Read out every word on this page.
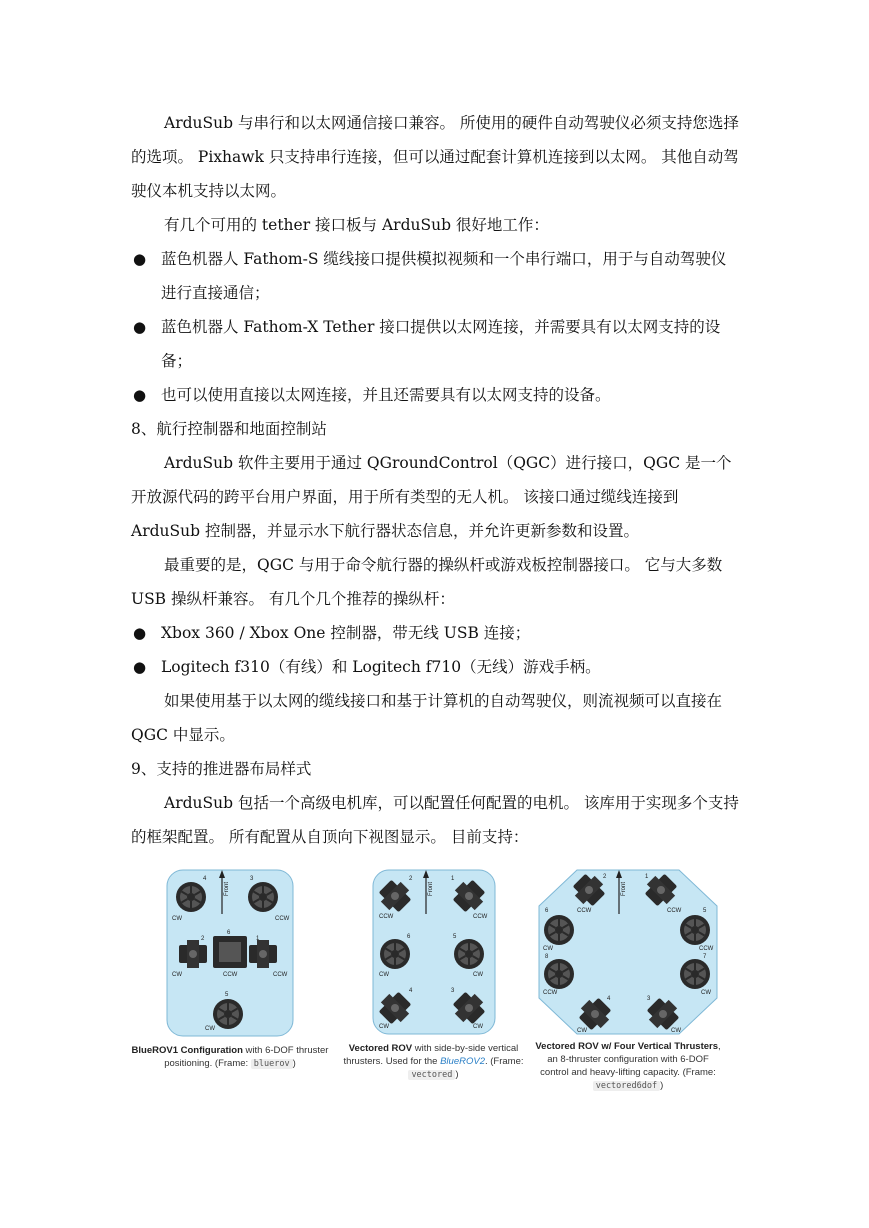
ArduSub 与串行和以太网通信接口兼容。 所使用的硬件自动驾驶仪必须支持您选择的选项。 Pixhawk 只支持串行连接，但可以通过配套计算机连接到以太网。 其他自动驾驶仪本机支持以太网。

有几个可用的 tether 接口板与 ArduSub 很好地工作：

● 蓝色机器人 Fathom-S 缆线接口提供模拟视频和一个串行端口，用于与自动驾驶仪进行直接通信；
● 蓝色机器人 Fathom-X Tether 接口提供以太网连接，并需要具有以太网支持的设备；
● 也可以使用直接以太网连接，并且还需要具有以太网支持的设备。

8、航行控制器和地面控制站

ArduSub 软件主要用于通过 QGroundControl（QGC）进行接口，QGC 是一个开放源代码的跨平台用户界面，用于所有类型的无人机。 该接口通过缆线连接到 ArduSub 控制器，并显示水下航行器状态信息，并允许更新参数和设置。

最重要的是，QGC 与用于命令航行器的操纵杆或游戏板控制器接口。 它与大多数 USB 操纵杆兼容。 有几个几个推荐的操纵杆：

● Xbox 360 / Xbox One 控制器，带无线 USB 连接；
● Logitech f310（有线）和 Logitech f710（无线）游戏手柄。

如果使用基于以太网的缆线接口和基于计算机的自动驾驶仪，则流视频可以直接在 QGC 中显示。

9、支持的推进器布局样式

ArduSub 包括一个高级电机库，可以配置任何配置的电机。 该库用于实现多个支持的框架配置。 所有配置从自顶向下视图显示。 目前支持：

Front
4	3
2
6
1
5
CW	CCW
CW	CCW	CCW
CW
BlueROV1 Configuration with 6-DOF thruster positioning. (Frame: bluerov )
Front
2	1
6	5
4	3
CCW	CCW
CW	CW
CW	CW
Vectored ROV with side-by-side vertical thrusters. Used for the BlueROV2. (Frame: vectored )
Front
2	1
6	5
8	7
4	3
CCW	CCW
CW	CCW
CCW	CW
CW	CW
Vectored ROV w/ Four Vertical Thrusters, an 8-thruster configuration with 6-DOF control and heavy-lifting capacity. (Frame: vectored6dof )
